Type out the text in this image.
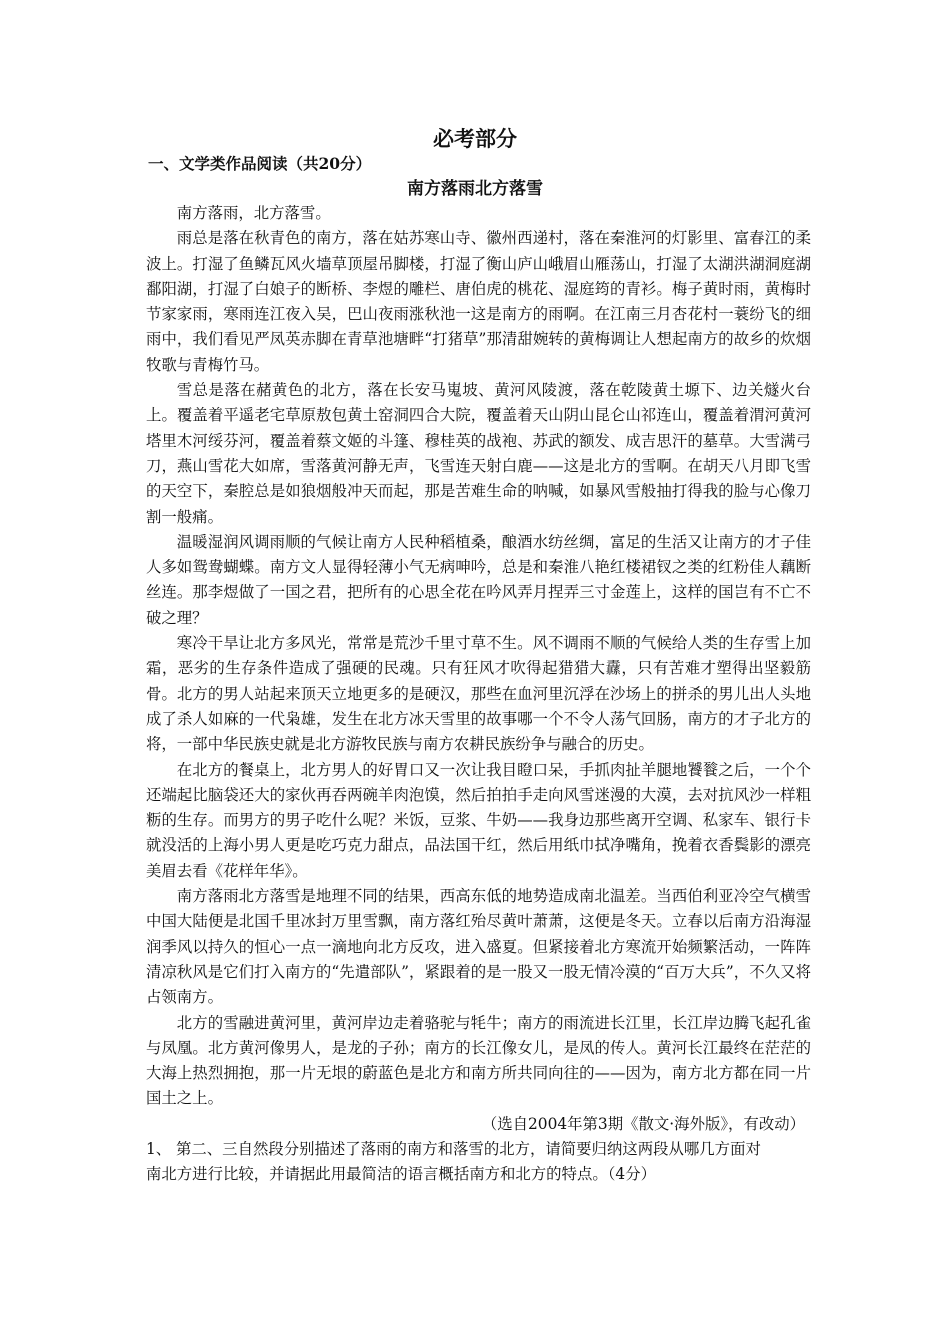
必考部分
一、文学类作品阅读（共20分）
南方落雨北方落雪

南方落雨，北方落雪。

雨总是落在秋青色的南方，落在姑苏寒山寺、徽州西递村，落在秦淮河的灯影里、富春江的柔波上。打湿了鱼鳞瓦风火墙草顶屋吊脚楼，打湿了衡山庐山峨眉山雁荡山，打湿了太湖洪湖洞庭湖鄱阳湖，打湿了白娘子的断桥、李煜的雕栏、唐伯虎的桃花、湿庭筠的青衫。梅子黄时雨，黄梅时节家家雨，寒雨连江夜入吴，巴山夜雨涨秋池一这是南方的雨啊。在江南三月杏花村一蓑纷飞的细雨中，我们看见严凤英赤脚在青草池塘畔“打猪草”那清甜婉转的黄梅调让人想起南方的故乡的炊烟牧歌与青梅竹马。

雪总是落在赭黄色的北方，落在长安马嵬坡、黄河风陵渡，落在乾陵黄土塬下、边关燧火台上。覆盖着平遥老宅草原敖包黄土窑洞四合大院，覆盖着天山阴山昆仑山祁连山，覆盖着渭河黄河塔里木河绥芬河，覆盖着蔡文姬的斗篷、穆桂英的战袍、苏武的额发、成吉思汗的墓草。大雪满弓刀，燕山雪花大如席，雪落黄河静无声，飞雪连天射白鹿——这是北方的雪啊。在胡天八月即飞雪的天空下，秦腔总是如狼烟般冲天而起，那是苦难生命的呐喊，如暴风雪般抽打得我的脸与心像刀割一般痛。

温暖湿润风调雨顺的气候让南方人民种稻植桑，酿酒水纺丝绸，富足的生活又让南方的才子佳人多如鸳鸯蝴蝶。南方文人显得轻薄小气无病呻吟，总是和秦淮八艳红楼裙钗之类的红粉佳人藕断丝连。那李煜做了一国之君，把所有的心思全花在吟风弄月捏弄三寸金莲上，这样的国岂有不亡不破之理？

寒冷干旱让北方多风光，常常是荒沙千里寸草不生。风不调雨不顺的气候给人类的生存雪上加霜，恶劣的生存条件造成了强硬的民魂。只有狂风才吹得起猎猎大纛，只有苦难才塑得出坚毅筋骨。北方的男人站起来顶天立地更多的是硬汉，那些在血河里沉浮在沙场上的拼杀的男儿出人头地成了杀人如麻的一代枭雄，发生在北方冰天雪里的故事哪一个不令人荡气回肠，南方的才子北方的将，一部中华民族史就是北方游牧民族与南方农耕民族纷争与融合的历史。

在北方的餐桌上，北方男人的好胃口又一次让我目瞪口呆，手抓肉扯羊腿地饕餮之后，一个个还端起比脑袋还大的家伙再吞两碗羊肉泡馍，然后拍拍手走向风雪迷漫的大漠，去对抗风沙一样粗粝的生存。而男方的男子吃什么呢？米饭，豆浆、牛奶——我身边那些离开空调、私家车、银行卡就没活的上海小男人更是吃巧克力甜点，品法国干红，然后用纸巾拭净嘴角，挽着衣香鬓影的漂亮美眉去看《花样年华》。

南方落雨北方落雪是地理不同的结果，西高东低的地势造成南北温差。当西伯利亚冷空气横雪中国大陆便是北国千里冰封万里雪飘，南方落红殆尽黄叶萧萧，这便是冬天。立春以后南方沿海湿润季风以持久的恒心一点一滴地向北方反攻，进入盛夏。但紧接着北方寒流开始频繁活动，一阵阵清凉秋风是它们打入南方的“先遣部队”，紧跟着的是一股又一股无情冷漠的“百万大兵”，不久又将占领南方。

北方的雪融进黄河里，黄河岸边走着骆驼与牦牛；南方的雨流进长江里，长江岸边腾飞起孔雀与凤凰。北方黄河像男人，是龙的子孙；南方的长江像女儿，是凤的传人。黄河长江最终在茫茫的大海上热烈拥抱，那一片无垠的蔚蓝色是北方和南方所共同向往的——因为，南方北方都在同一片国土之上。

（选自2004年第3期《散文·海外版》，有改动）
1、 第二、三自然段分别描述了落雨的南方和落雪的北方，请简要归纳这两段从哪几方面对
南北方进行比较，并请据此用最简洁的语言概括南方和北方的特点。（4分）
